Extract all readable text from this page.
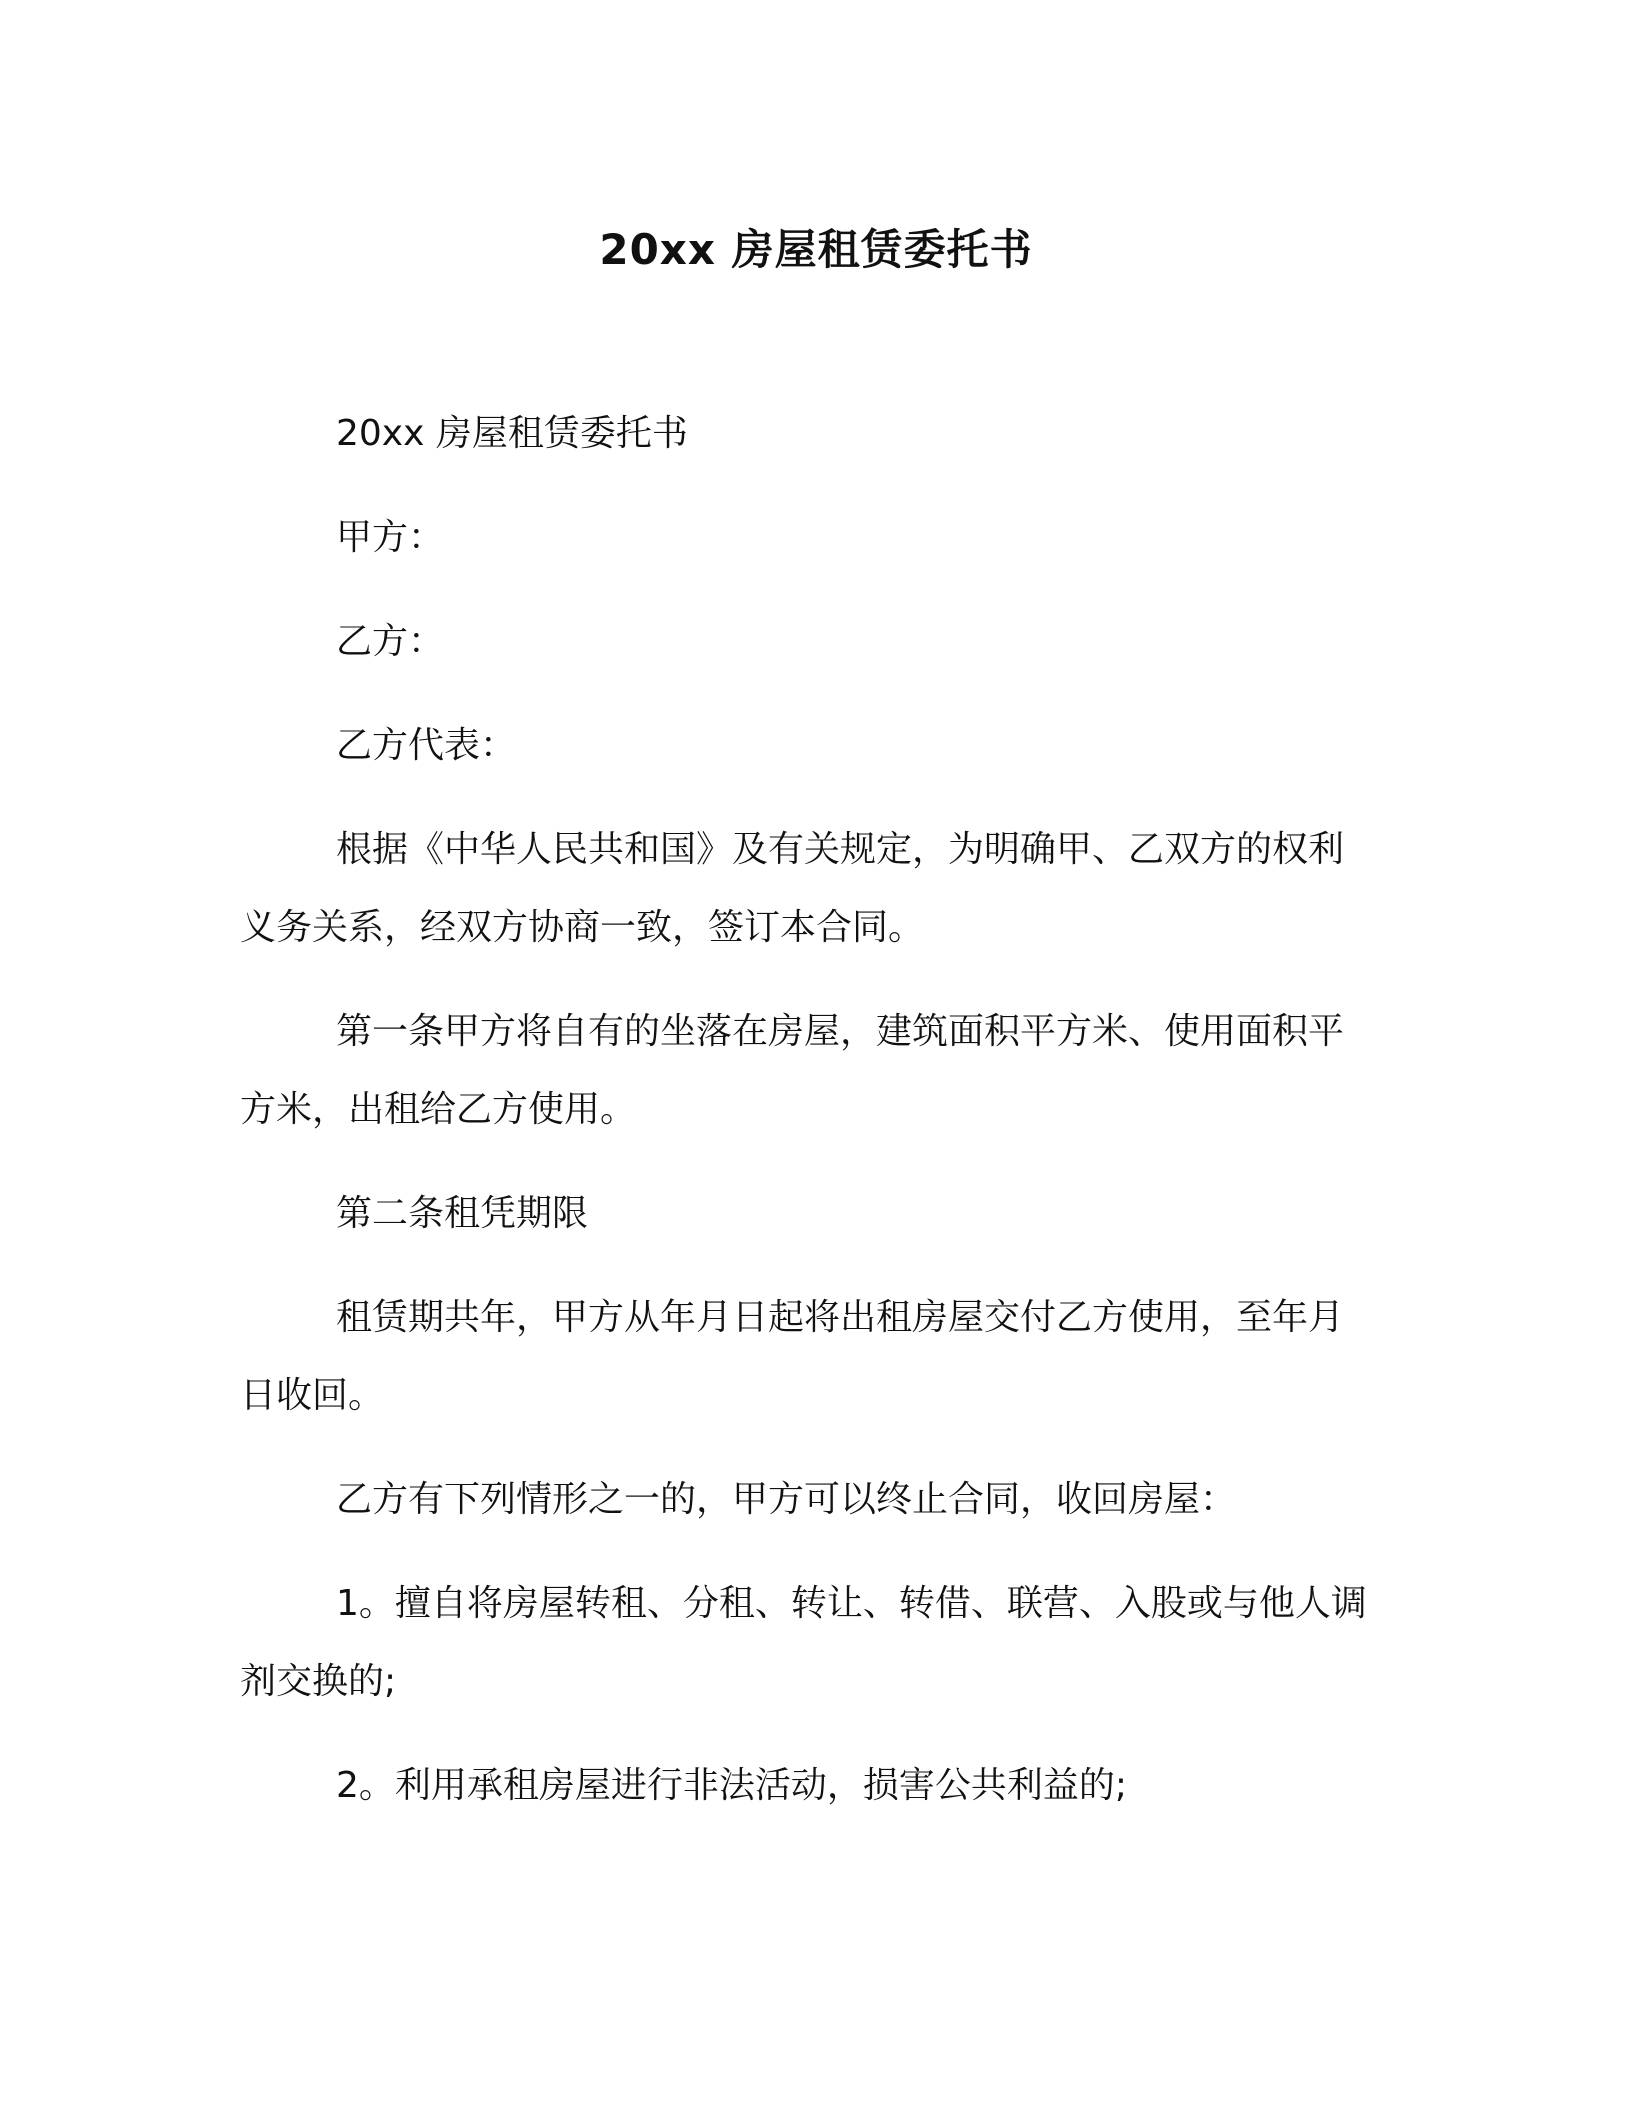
20xx 房屋租赁委托书

20xx 房屋租赁委托书

甲方：

乙方：

乙方代表：

根据《中华人民共和国》及有关规定，为明确甲、乙双方的权利义务关系，经双方协商一致，签订本合同。

第一条甲方将自有的坐落在房屋，建筑面积平方米、使用面积平方米，出租给乙方使用。

第二条租凭期限

租赁期共年，甲方从年月日起将出租房屋交付乙方使用，至年月日收回。

乙方有下列情形之一的，甲方可以终止合同，收回房屋：

1。擅自将房屋转租、分租、转让、转借、联营、入股或与他人调剂交换的;

2。利用承租房屋进行非法活动，损害公共利益的;
